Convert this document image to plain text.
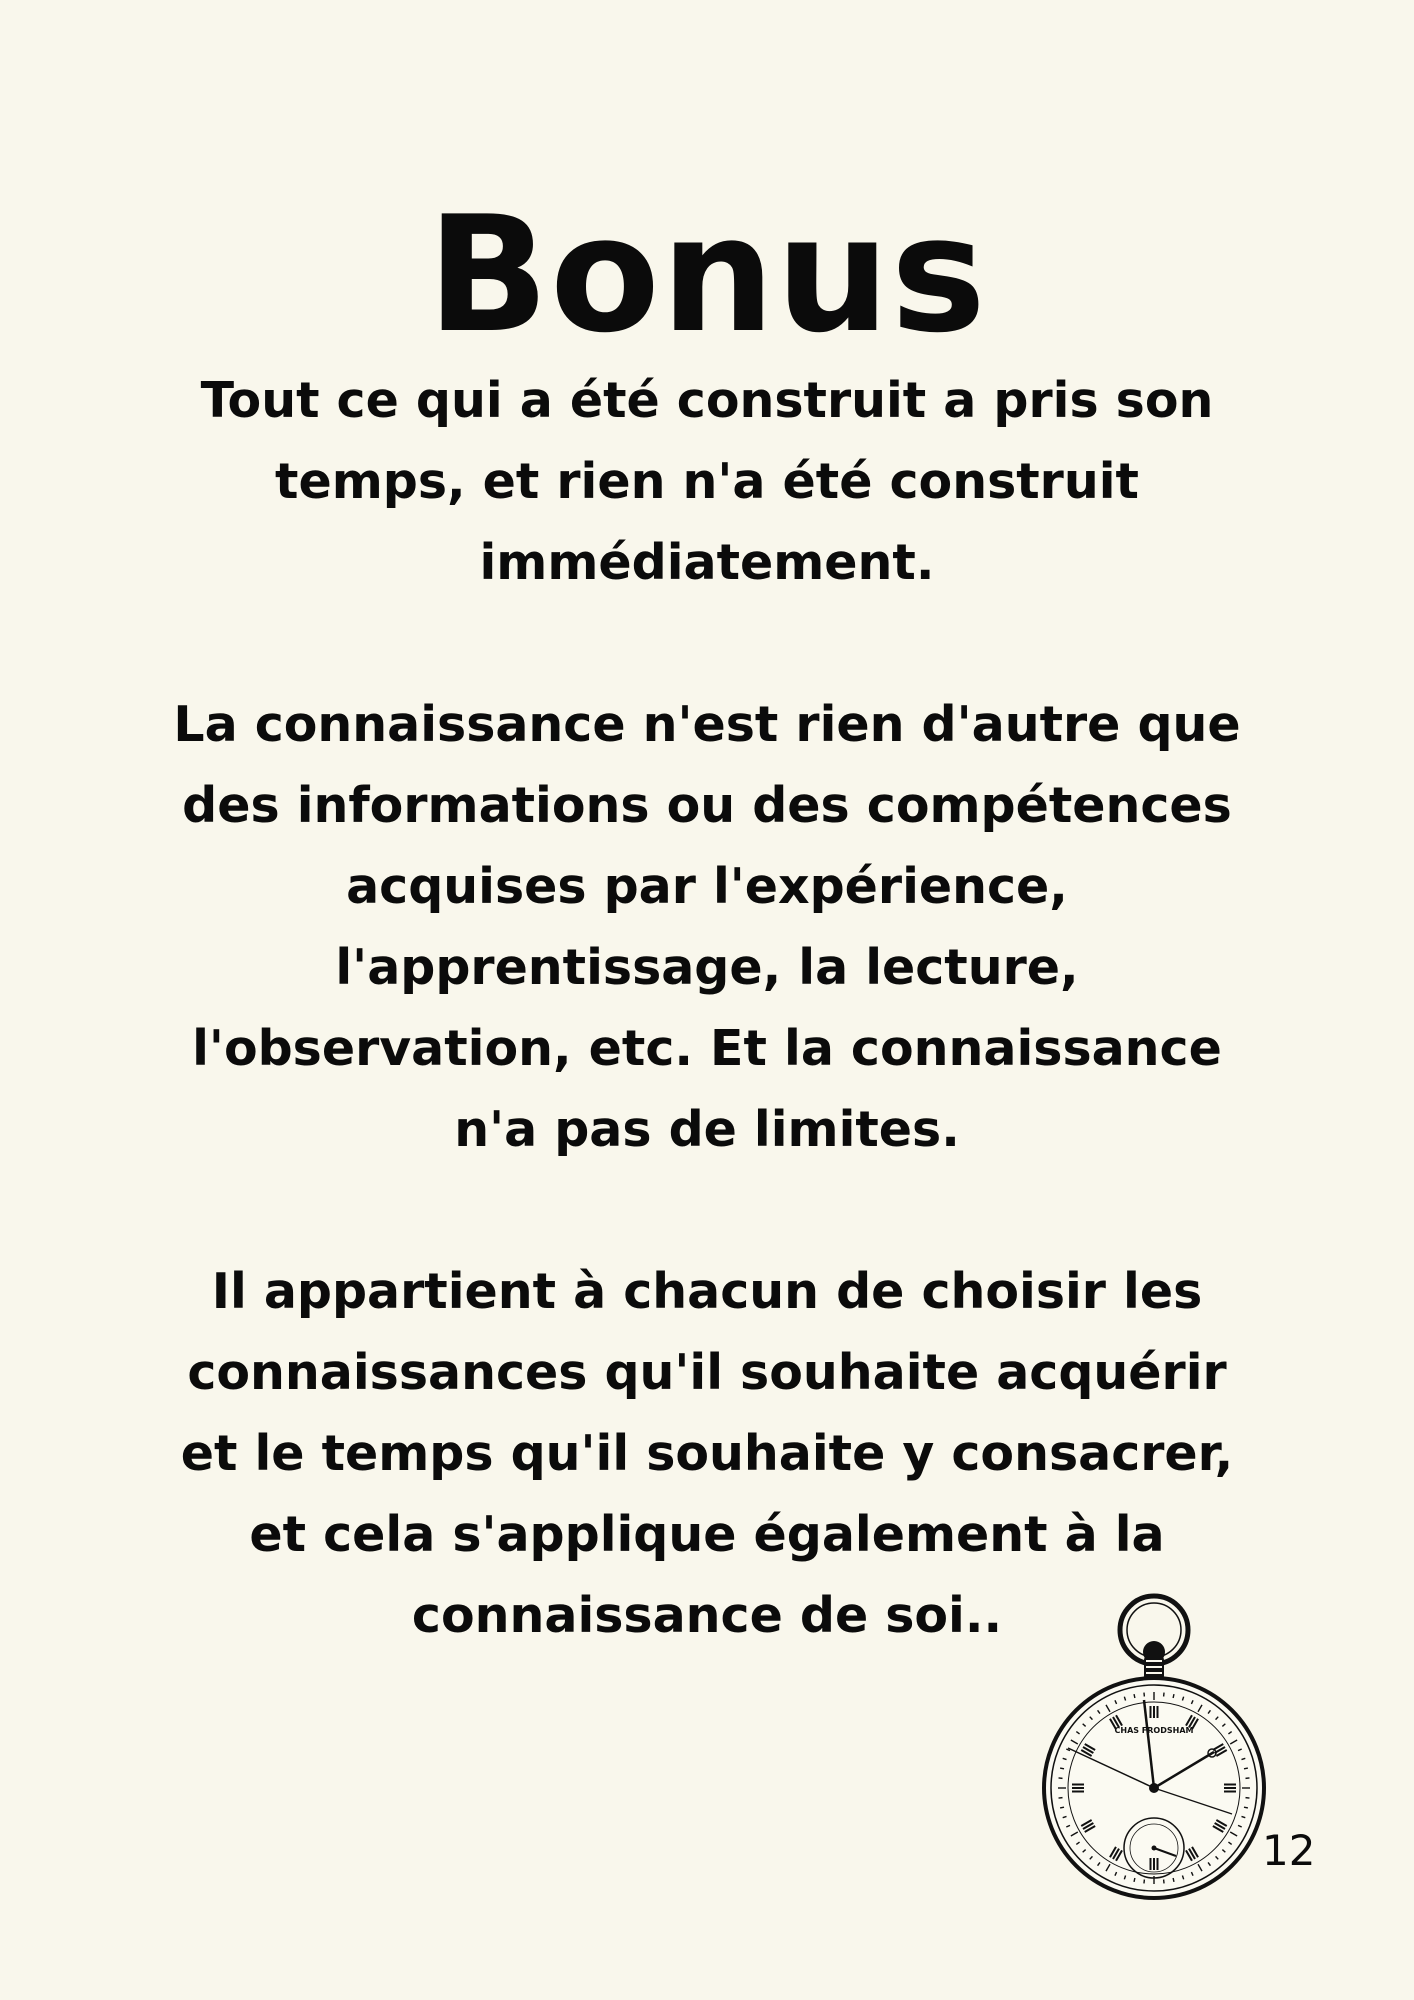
Bonus

Tout ce qui a été construit a pris son temps, et rien n'a été construit immédiatement.

La connaissance n'est rien d'autre que des informations ou des compétences acquises par l'expérience, l'apprentissage, la lecture, l'observation, etc. Et la connaissance n'a pas de limites.

Il appartient à chacun de choisir les connaissances qu'il souhaite acquérir et le temps qu'il souhaite y consacrer, et cela s'applique également à la connaissance de soi..

CHAS FRODSHAM
12
